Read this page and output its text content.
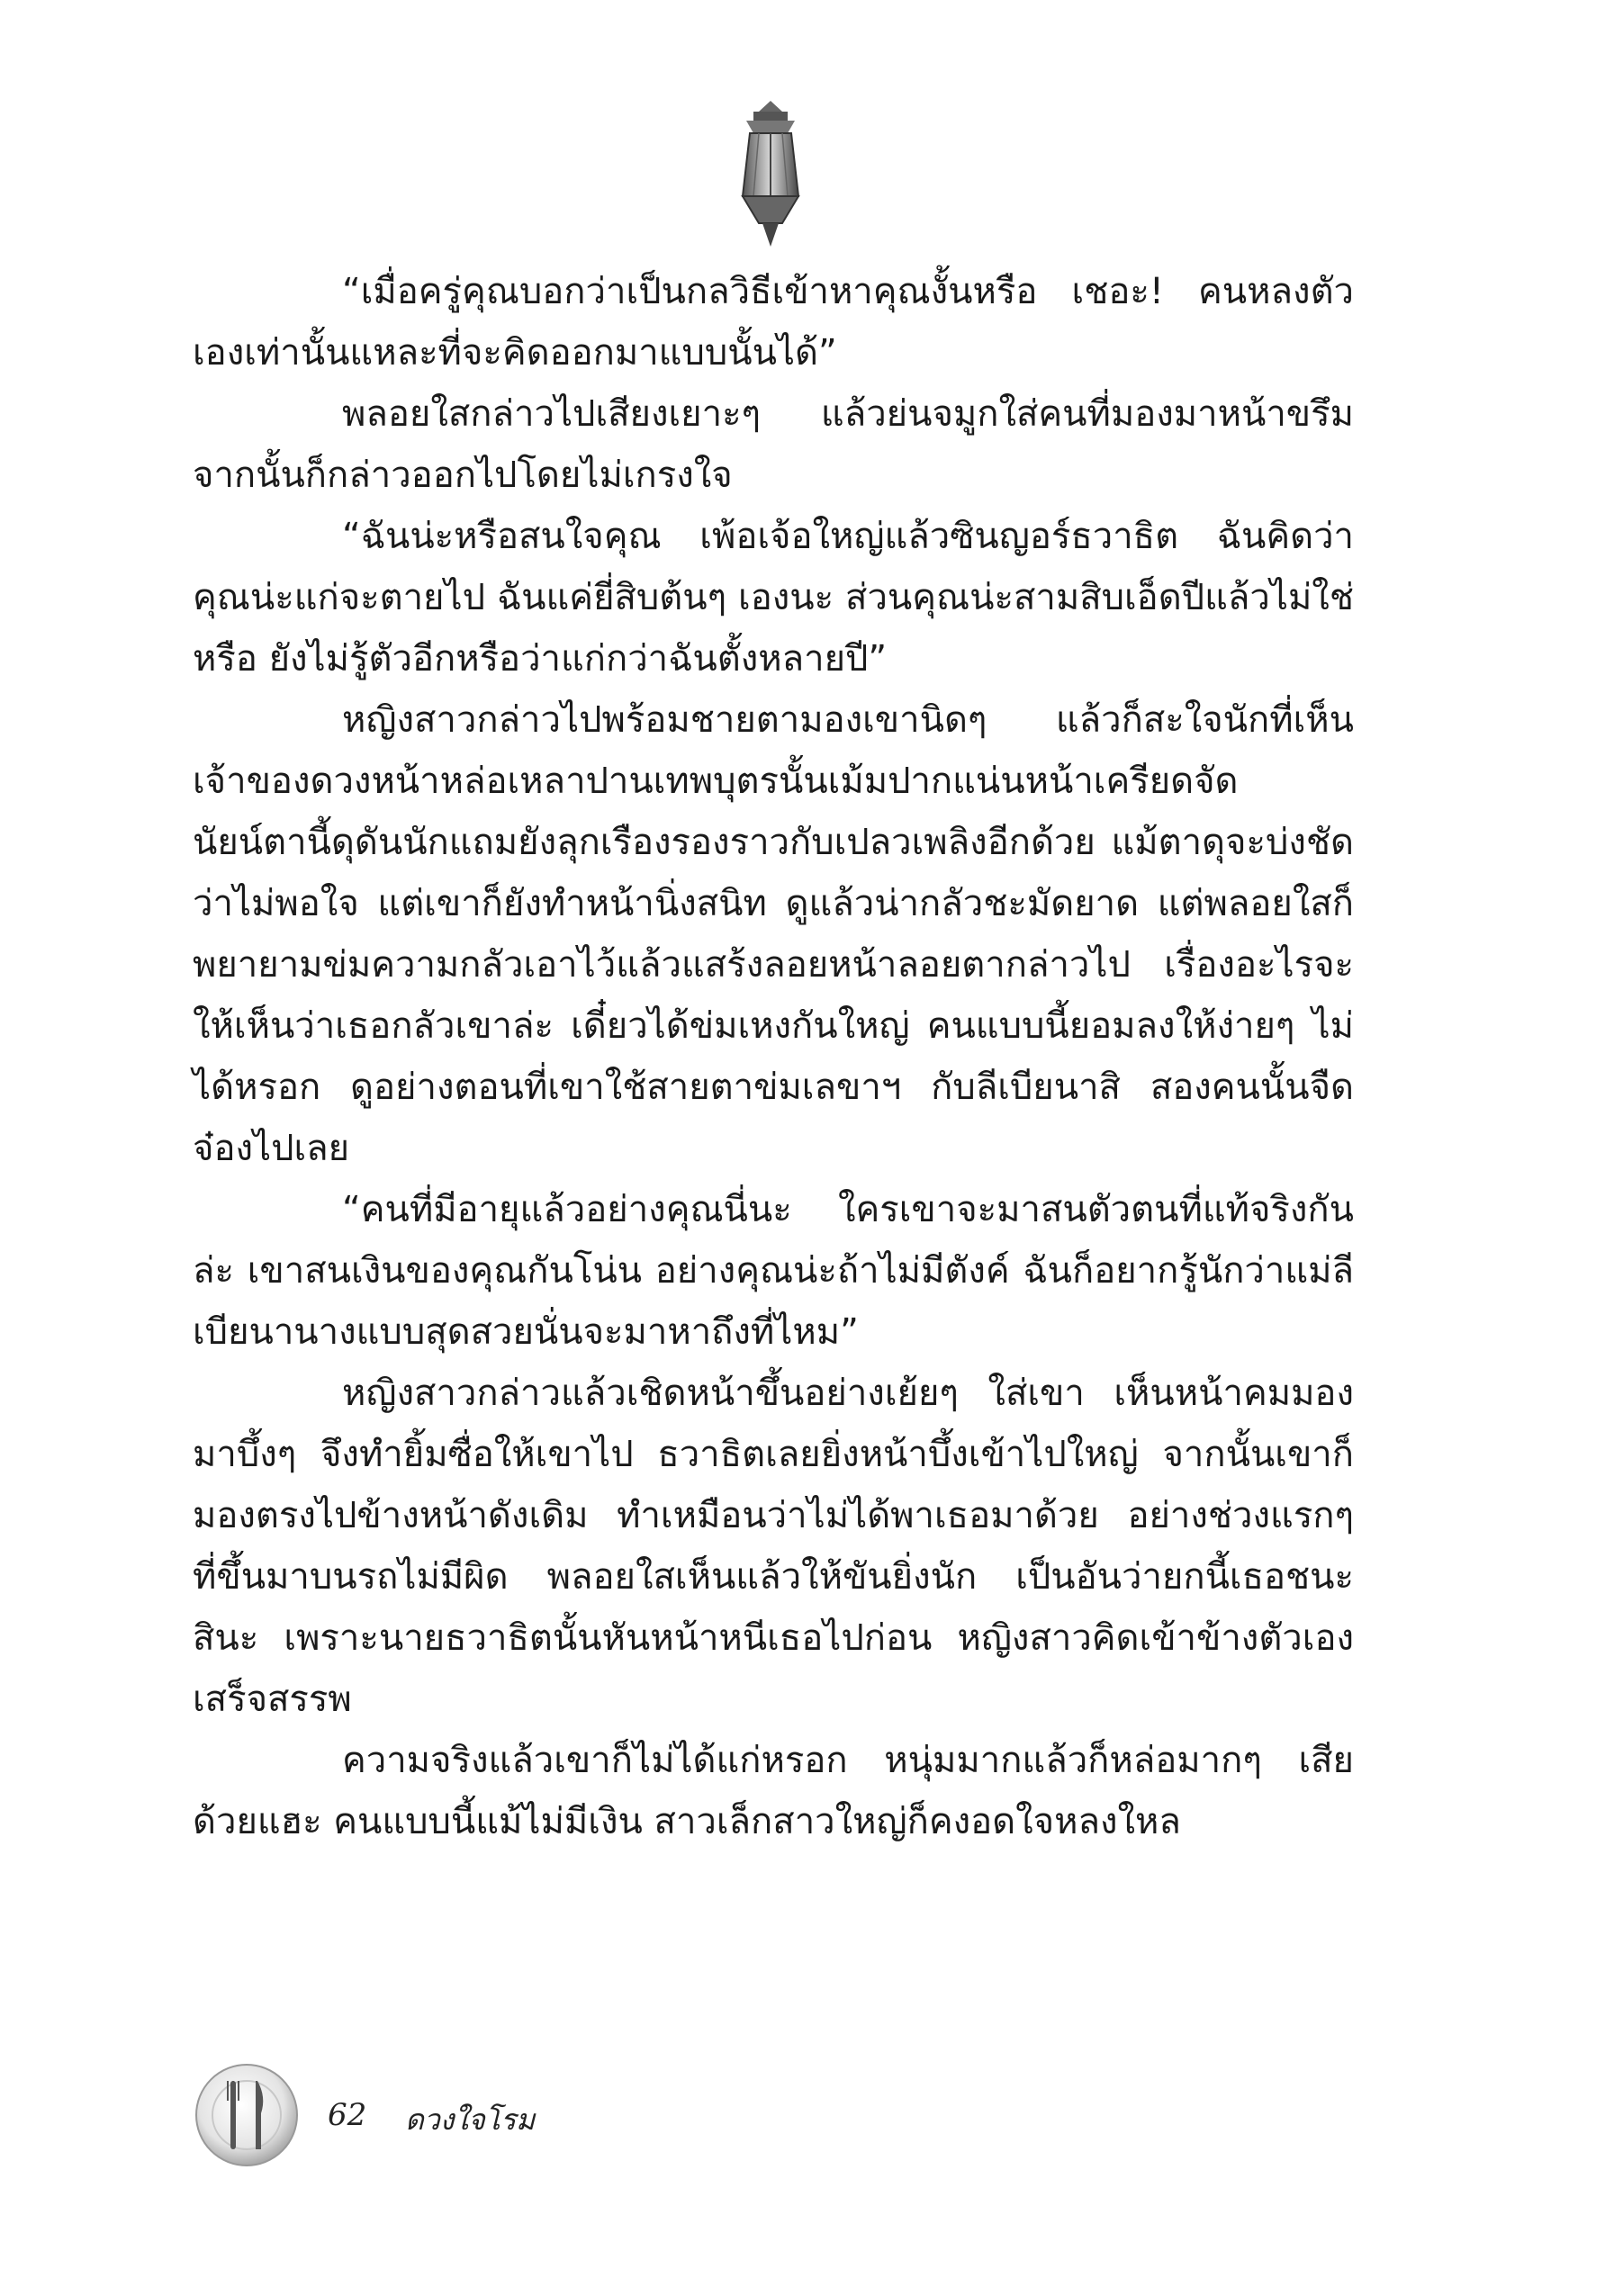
“เมื่อครู่คุณบอกว่าเป็นกลวิธีเข้าหาคุณงั้นหรือ เชอะ! คนหลงตัวเองเท่านั้นแหละที่จะคิดออกมาแบบนั้นได้”

พลอยใสกล่าวไปเสียงเยาะๆ แล้วย่นจมูกใส่คนที่มองมาหน้าขรึม จากนั้นก็กล่าวออกไปโดยไม่เกรงใจ

“ฉันน่ะหรือสนใจคุณ เพ้อเจ้อใหญ่แล้วซินญอร์ธวาธิต ฉันคิดว่าคุณน่ะแก่จะตายไป ฉันแค่ยี่สิบต้นๆ เองนะ ส่วนคุณน่ะสามสิบเอ็ดปีแล้วไม่ใช่หรือ ยังไม่รู้ตัวอีกหรือว่าแก่กว่าฉันตั้งหลายปี”

หญิงสาวกล่าวไปพร้อมชายตามองเขานิดๆ แล้วก็สะใจนักที่เห็นเจ้าของดวงหน้าหล่อเหลาปานเทพบุตรนั้นเม้มปากแน่นหน้าเครียดจัด นัยน์ตานี้ดุดันนักแถมยังลุกเรืองรองราวกับเปลวเพลิงอีกด้วย แม้ตาดุจะบ่งชัดว่าไม่พอใจ แต่เขาก็ยังทำหน้านิ่งสนิท ดูแล้วน่ากลัวชะมัดยาด แต่พลอยใสก็พยายามข่มความกลัวเอาไว้แล้วแสร้งลอยหน้าลอยตากล่าวไป เรื่องอะไรจะให้เห็นว่าเธอกลัวเขาล่ะ เดี๋ยวได้ข่มเหงกันใหญ่ คนแบบนี้ยอมลงให้ง่ายๆ ไม่ได้หรอก ดูอย่างตอนที่เขาใช้สายตาข่มเลขาฯ กับลีเบียนาสิ สองคนนั้นจืดจ๋องไปเลย

“คนที่มีอายุแล้วอย่างคุณนี่นะ ใครเขาจะมาสนตัวตนที่แท้จริงกันล่ะ เขาสนเงินของคุณกันโน่น อย่างคุณน่ะถ้าไม่มีตังค์ ฉันก็อยากรู้นักว่าแม่ลีเบียนานางแบบสุดสวยนั่นจะมาหาถึงที่ไหม”

หญิงสาวกล่าวแล้วเชิดหน้าขึ้นอย่างเย้ยๆ ใส่เขา เห็นหน้าคมมองมาบึ้งๆ จึงทำยิ้มซื่อให้เขาไป ธวาธิตเลยยิ่งหน้าบึ้งเข้าไปใหญ่ จากนั้นเขาก็มองตรงไปข้างหน้าดังเดิม ทำเหมือนว่าไม่ได้พาเธอมาด้วย อย่างช่วงแรกๆ ที่ขึ้นมาบนรถไม่มีผิด พลอยใสเห็นแล้วให้ขันยิ่งนัก เป็นอันว่ายกนี้เธอชนะสินะ เพราะนายธวาธิตนั้นหันหน้าหนีเธอไปก่อน หญิงสาวคิดเข้าข้างตัวเองเสร็จสรรพ

ความจริงแล้วเขาก็ไม่ได้แก่หรอก หนุ่มมากแล้วก็หล่อมากๆ เสียด้วยแฮะ คนแบบนี้แม้ไม่มีเงิน สาวเล็กสาวใหญ่ก็คงอดใจหลงใหล

62 ดวงใจโรม
